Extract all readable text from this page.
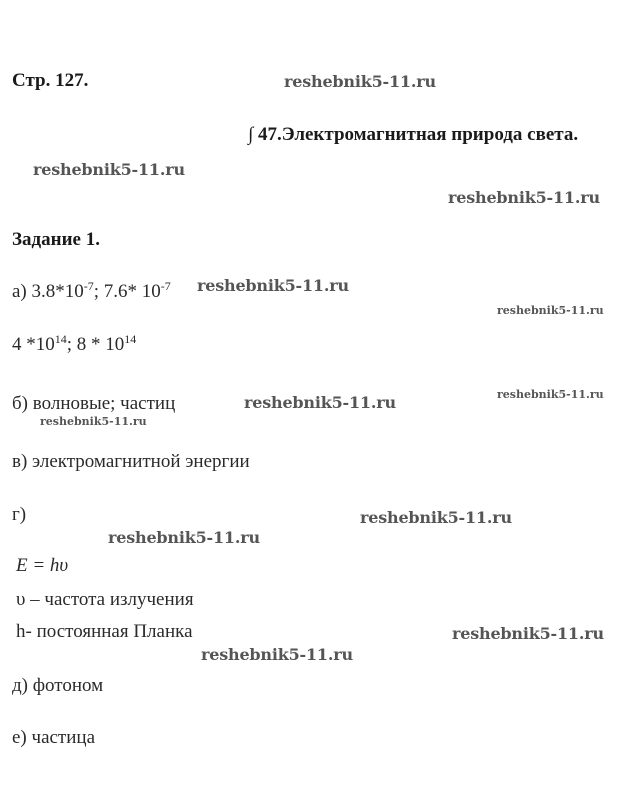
Стр. 127.	reshebnik5-11.ru
∫ 47.Электромагнитная природа света.
reshebnik5-11.ru
reshebnik5-11.ru
Задание 1.
а) $3.8*10^{-7}$; 7.6* $10^{-7}$ reshebnik5-11.ru
reshebnik5-11.ru
4 $*10^{14}$; $8 * 10^{14}$
reshebnik5-11.ru
б) волновые; частиц	reshebnik5-11.ru
reshebnik5-11.ru
в) электромагнитной энергии
г)	reshebnik5-11.ru
reshebnik5-11.ru
E = hυ
υ – частота излучения
h- постоянная Планка	reshebnik5-11.ru
reshebnik5-11.ru
д) фотоном
е) частица
